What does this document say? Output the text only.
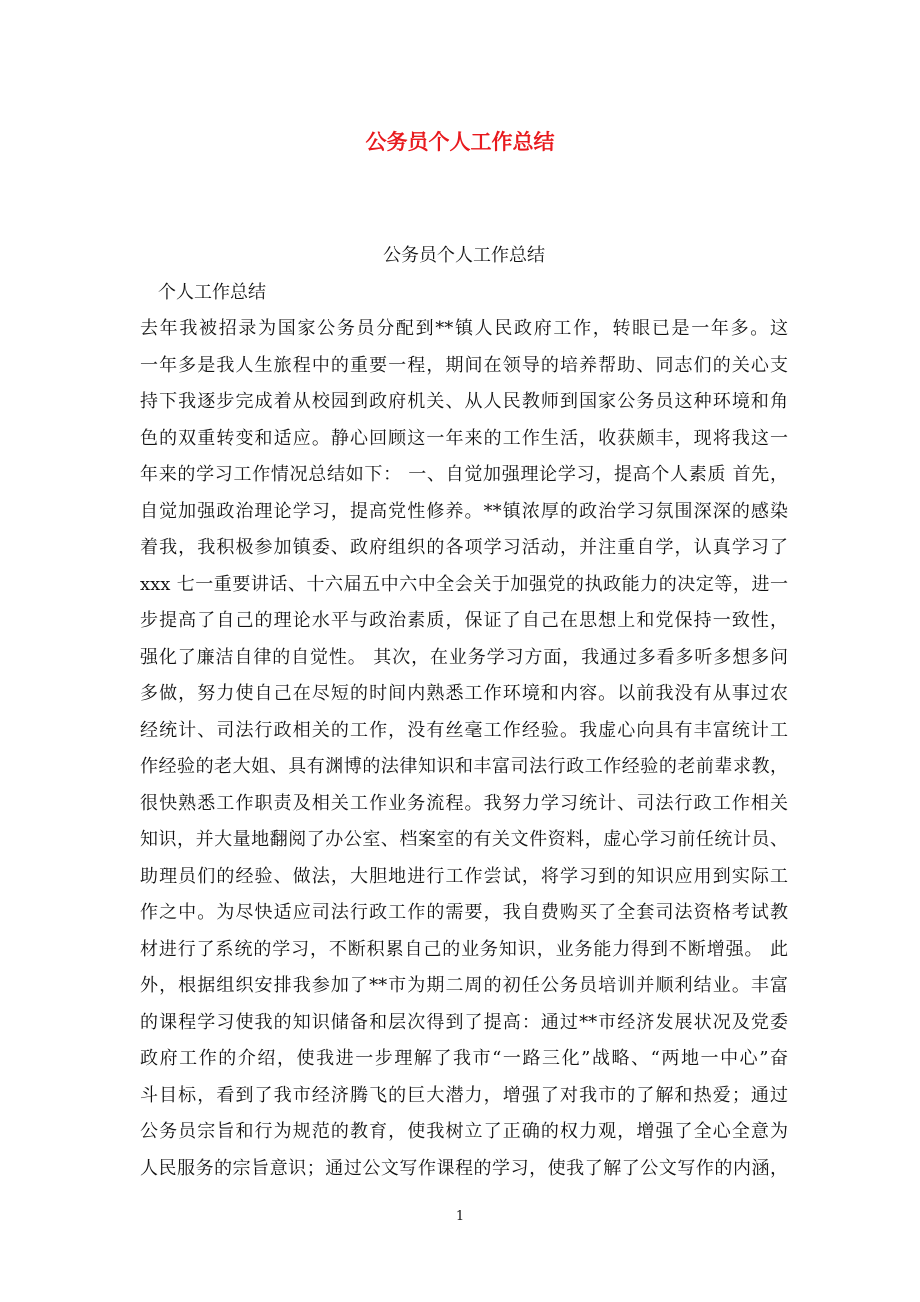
公务员个人工作总结

公务员个人工作总结

个人工作总结

去年我被招录为国家公务员分配到**镇人民政府工作，转眼已是一年多。这

一年多是我人生旅程中的重要一程，期间在领导的培养帮助、同志们的关心支

持下我逐步完成着从校园到政府机关、从人民教师到国家公务员这种环境和角

色的双重转变和适应。静心回顾这一年来的工作生活，收获颇丰，现将我这一

年来的学习工作情况总结如下： 一、自觉加强理论学习，提高个人素质 首先，

自觉加强政治理论学习，提高党性修养。**镇浓厚的政治学习氛围深深的感染

着我，我积极参加镇委、政府组织的各项学习活动，并注重自学，认真学习了

xxx 七一重要讲话、十六届五中六中全会关于加强党的执政能力的决定等，进一

步提高了自己的理论水平与政治素质，保证了自己在思想上和党保持一致性，

强化了廉洁自律的自觉性。 其次，在业务学习方面，我通过多看多听多想多问

多做，努力使自己在尽短的时间内熟悉工作环境和内容。以前我没有从事过农

经统计、司法行政相关的工作，没有丝毫工作经验。我虚心向具有丰富统计工

作经验的老大姐、具有渊博的法律知识和丰富司法行政工作经验的老前辈求教，

很快熟悉工作职责及相关工作业务流程。我努力学习统计、司法行政工作相关

知识，并大量地翻阅了办公室、档案室的有关文件资料，虚心学习前任统计员、

助理员们的经验、做法，大胆地进行工作尝试，将学习到的知识应用到实际工

作之中。为尽快适应司法行政工作的需要，我自费购买了全套司法资格考试教

材进行了系统的学习，不断积累自己的业务知识，业务能力得到不断增强。 此

外，根据组织安排我参加了**市为期二周的初任公务员培训并顺利结业。丰富

的课程学习使我的知识储备和层次得到了提高：通过**市经济发展状况及党委

政府工作的介绍，使我进一步理解了我市“一路三化”战略、“两地一中心”奋

斗目标，看到了我市经济腾飞的巨大潜力，增强了对我市的了解和热爱；通过

公务员宗旨和行为规范的教育，使我树立了正确的权力观，增强了全心全意为

人民服务的宗旨意识；通过公文写作课程的学习，使我了解了公文写作的内涵，

1
